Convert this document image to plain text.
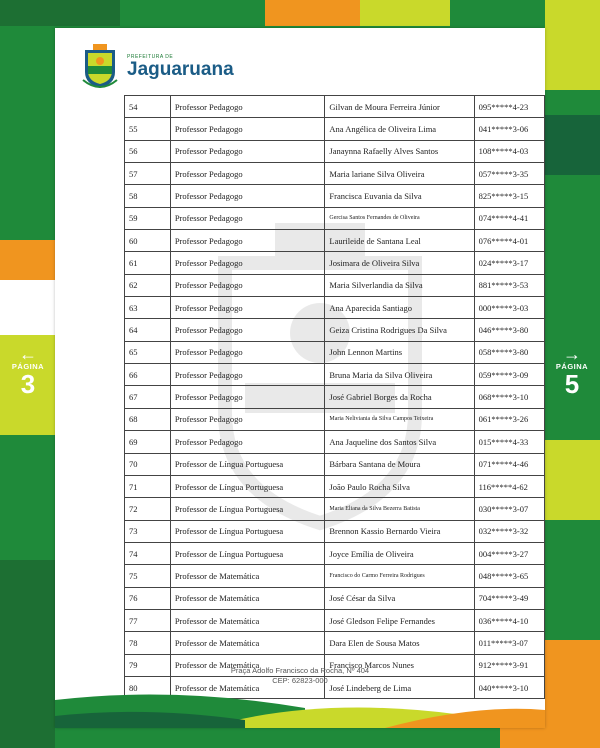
←
PÁGINA
3
→
PÁGINA
5
PREFEITURA DE
Jaguaruana
54	Professor Pedagogo	Gilvan de Moura Ferreira Júnior	095*****4-23
55	Professor Pedagogo	Ana Angélica de Oliveira Lima	041*****3-06
56	Professor Pedagogo	Janaynna Rafaelly Alves Santos	108*****4-03
57	Professor Pedagogo	Maria lariane Silva Oliveira	057*****3-35
58	Professor Pedagogo	Francisca Euvania da Silva	825*****3-15
59	Professor Pedagogo	Gercisa Santos Fernandes de Oliveira	074*****4-41
60	Professor Pedagogo	Laurileide de Santana Leal	076*****4-01
61	Professor Pedagogo	Josimara de Oliveira Silva	024*****3-17
62	Professor Pedagogo	Maria Silverlandia da Silva	881*****3-53
63	Professor Pedagogo	Ana Aparecida Santiago	000*****3-03
64	Professor Pedagogo	Geiza Cristina Rodrigues Da Silva	046*****3-80
65	Professor Pedagogo	John Lennon Martins	058*****3-80
66	Professor Pedagogo	Bruna Maria da Silva Oliveira	059*****3-09
67	Professor Pedagogo	José Gabriel Borges da Rocha	068*****3-10
68	Professor Pedagogo	Maria Neliviania da Silva Campos Teixeira	061*****3-26
69	Professor Pedagogo	Ana Jaqueline dos Santos Silva	015*****4-33
70	Professor de Língua Portuguesa	Bárbara Santana de Moura	071*****4-46
71	Professor de Língua Portuguesa	João Paulo Rocha Silva	116*****4-62
72	Professor de Língua Portuguesa	Maria Eliana da Silva Bezerra Batista	030*****3-07
73	Professor de Língua Portuguesa	Brennon Kassio Bernardo Vieira	032*****3-32
74	Professor de Língua Portuguesa	Joyce Emília de Oliveira	004*****3-27
75	Professor de Matemática	Francisco do Carmo Ferreira Rodrigues	048*****3-65
76	Professor de Matemática	José César da Silva	704*****3-49
77	Professor de Matemática	José Gledson Felipe Fernandes	036*****4-10
78	Professor de Matemática	Dara Elen de Sousa Matos	011*****3-07
79	Professor de Matemática	Francisco Marcos Nunes	912*****3-91
80	Professor de Matemática	José Lindeberg de Lima	040*****3-10
Praça Adolfo Francisco da Rocha, Nº 404
CEP: 62823-000
